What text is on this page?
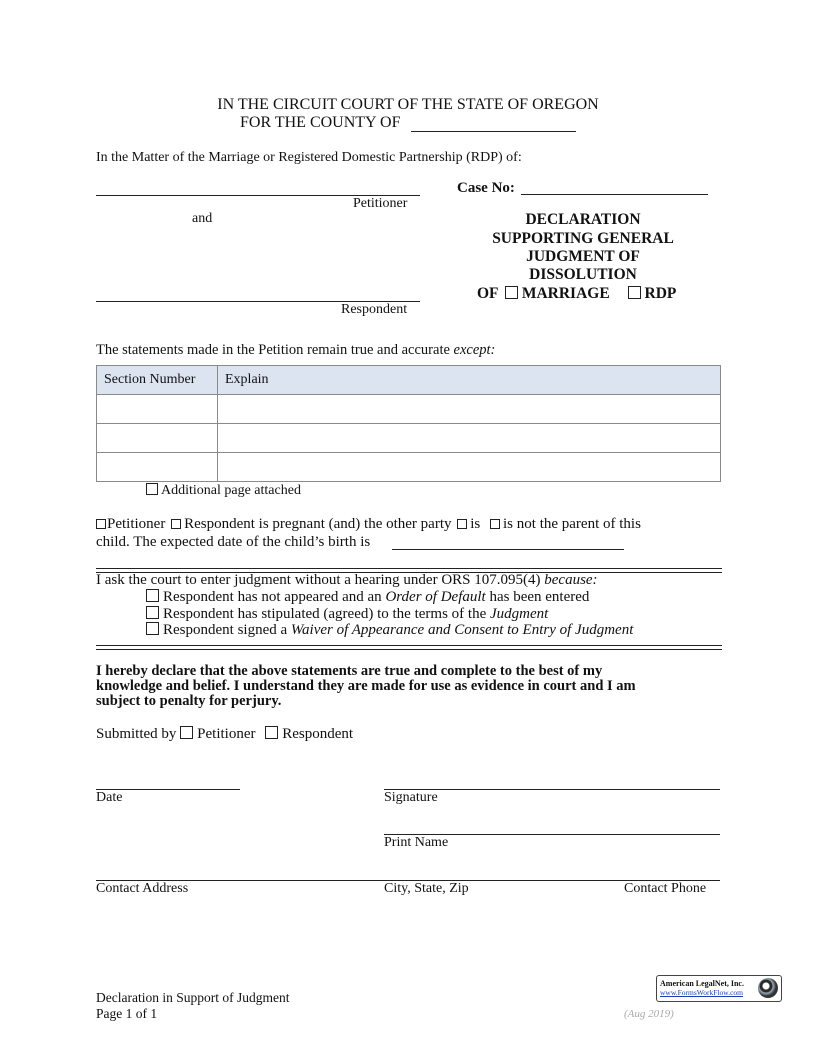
IN THE CIRCUIT COURT OF THE STATE OF OREGON
FOR THE COUNTY OF
In the Matter of the Marriage or Registered Domestic Partnership (RDP) of:
Petitioner
and
Respondent
Case No:
DECLARATION
SUPPORTING GENERAL
JUDGMENT OF
DISSOLUTION
OF MARRIAGE RDP
The statements made in the Petition remain true and accurate except:
Section Number	Explain

Additional page attached
Petitioner Respondent is pregnant (and) the other party is is not the parent of this
child. The expected date of the child’s birth is
I ask the court to enter judgment without a hearing under ORS 107.095(4) because:
Respondent has not appeared and an Order of Default has been entered
Respondent has stipulated (agreed) to the terms of the Judgment
Respondent signed a Waiver of Appearance and Consent to Entry of Judgment
I hereby declare that the above statements are true and complete to the best of my
knowledge and belief. I understand they are made for use as evidence in court and I am
subject to penalty for perjury.
Submitted by Petitioner Respondent
Date	Signature
Print Name
Contact Address	City, State, Zip	Contact Phone
Declaration in Support of Judgment
Page 1 of 1	(Aug 2019)
American LegalNet, Inc.
www.FormsWorkFlow.com
